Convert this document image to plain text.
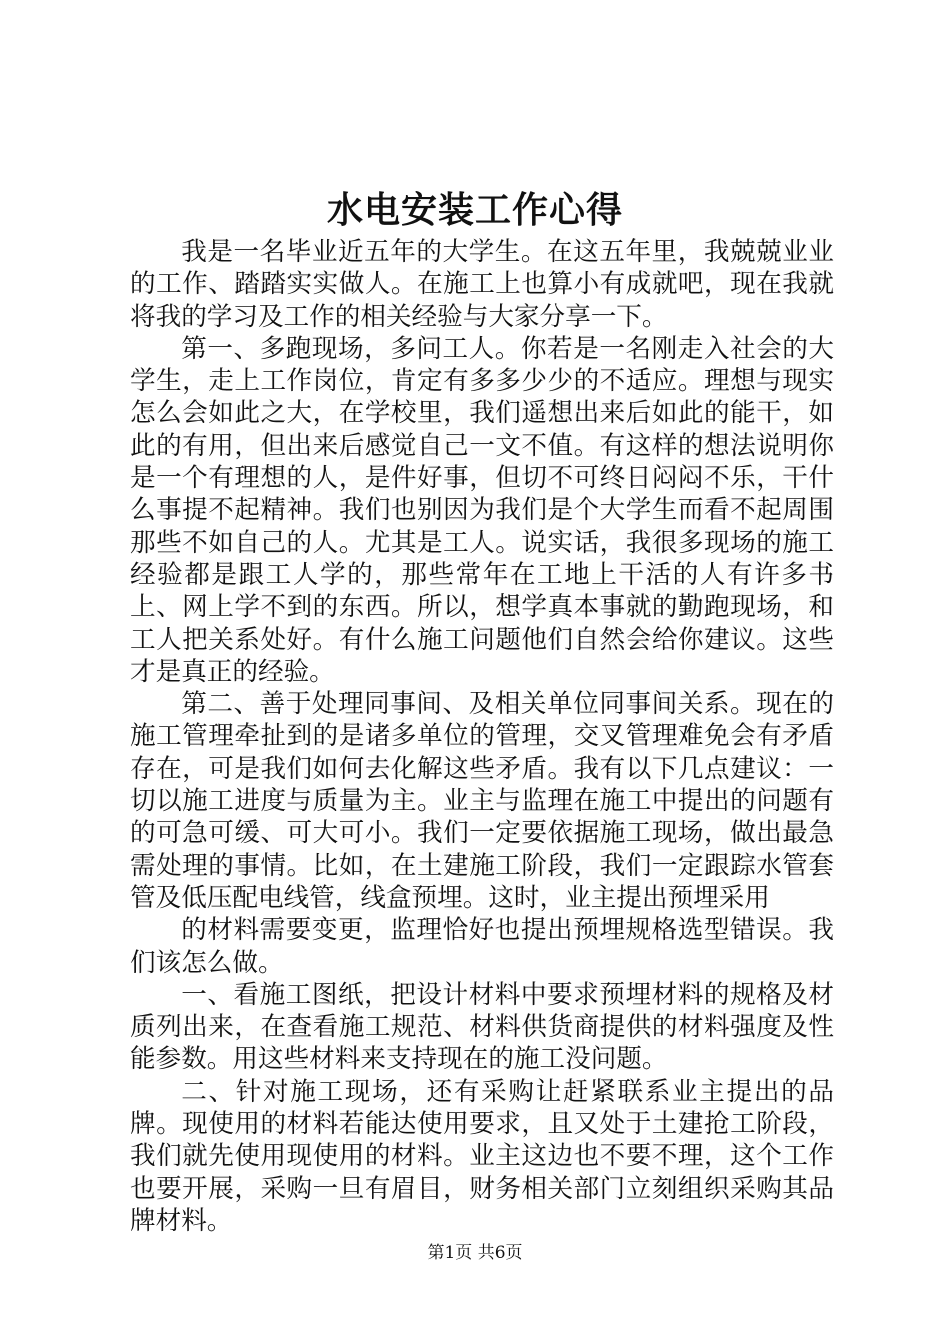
水电安装工作心得

我是一名毕业近五年的大学生。在这五年里，我兢兢业业的工作、踏踏实实做人。在施工上也算小有成就吧，现在我就将我的学习及工作的相关经验与大家分享一下。

第一、多跑现场，多问工人。你若是一名刚走入社会的大学生，走上工作岗位，肯定有多多少少的不适应。理想与现实怎么会如此之大，在学校里，我们遥想出来后如此的能干，如此的有用，但出来后感觉自己一文不值。有这样的想法说明你是一个有理想的人，是件好事，但切不可终日闷闷不乐，干什么事提不起精神。我们也别因为我们是个大学生而看不起周围那些不如自己的人。尤其是工人。说实话，我很多现场的施工经验都是跟工人学的，那些常年在工地上干活的人有许多书上、网上学不到的东西。所以，想学真本事就的勤跑现场，和工人把关系处好。有什么施工问题他们自然会给你建议。这些才是真正的经验。

第二、善于处理同事间、及相关单位同事间关系。现在的施工管理牵扯到的是诸多单位的管理，交叉管理难免会有矛盾存在，可是我们如何去化解这些矛盾。我有以下几点建议：一切以施工进度与质量为主。业主与监理在施工中提出的问题有的可急可缓、可大可小。我们一定要依据施工现场，做出最急需处理的事情。比如，在土建施工阶段，我们一定跟踪水管套管及低压配电线管，线盒预埋。这时，业主提出预埋采用

的材料需要变更，监理恰好也提出预埋规格选型错误。我们该怎么做。

一、看施工图纸，把设计材料中要求预埋材料的规格及材质列出来，在查看施工规范、材料供货商提供的材料强度及性能参数。用这些材料来支持现在的施工没问题。

二、针对施工现场，还有采购让赶紧联系业主提出的品牌。现使用的材料若能达使用要求，且又处于土建抢工阶段，我们就先使用现使用的材料。业主这边也不要不理，这个工作也要开展，采购一旦有眉目，财务相关部门立刻组织采购其品牌材料。

第1页 共6页
